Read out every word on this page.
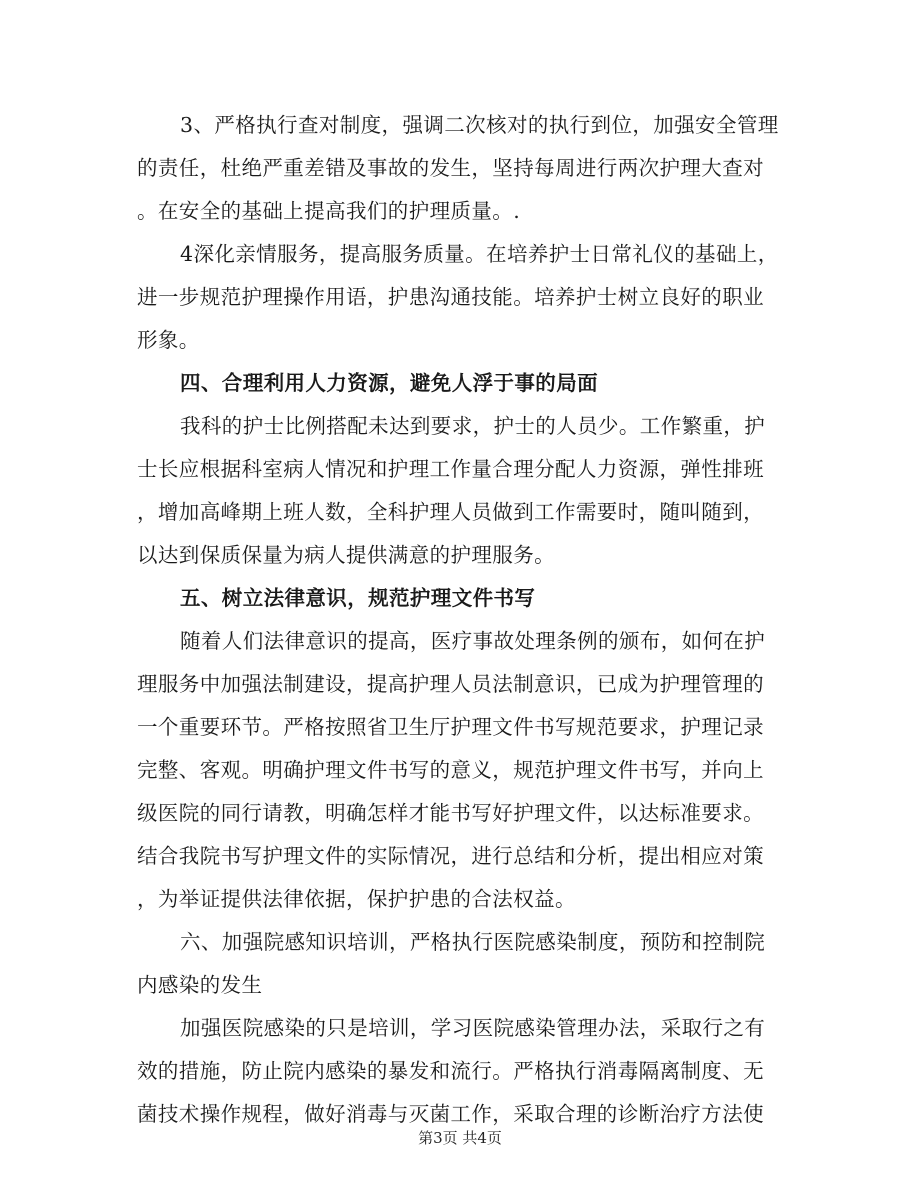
3、严格执行查对制度，强调二次核对的执行到位，加强安全管理
的责任，杜绝严重差错及事故的发生，坚持每周进行两次护理大查对
。在安全的基础上提高我们的护理质量。.
4深化亲情服务，提高服务质量。在培养护士日常礼仪的基础上，
进一步规范护理操作用语，护患沟通技能。培养护士树立良好的职业
形象。
四、合理利用人力资源，避免人浮于事的局面
我科的护士比例搭配未达到要求，护士的人员少。工作繁重，护
士长应根据科室病人情况和护理工作量合理分配人力资源，弹性排班
，增加高峰期上班人数，全科护理人员做到工作需要时，随叫随到，
以达到保质保量为病人提供满意的护理服务。
五、树立法律意识，规范护理文件书写
随着人们法律意识的提高，医疗事故处理条例的颁布，如何在护
理服务中加强法制建设，提高护理人员法制意识，已成为护理管理的
一个重要环节。严格按照省卫生厅护理文件书写规范要求，护理记录
完整、客观。明确护理文件书写的意义，规范护理文件书写，并向上
级医院的同行请教，明确怎样才能书写好护理文件，以达标准要求。
结合我院书写护理文件的实际情况，进行总结和分析，提出相应对策
，为举证提供法律依据，保护护患的合法权益。
六、加强院感知识培训，严格执行医院感染制度，预防和控制院
内感染的发生
加强医院感染的只是培训，学习医院感染管理办法，采取行之有
效的措施，防止院内感染的暴发和流行。严格执行消毒隔离制度、无
菌技术操作规程，做好消毒与灭菌工作，采取合理的诊断治疗方法使
第3页 共4页
